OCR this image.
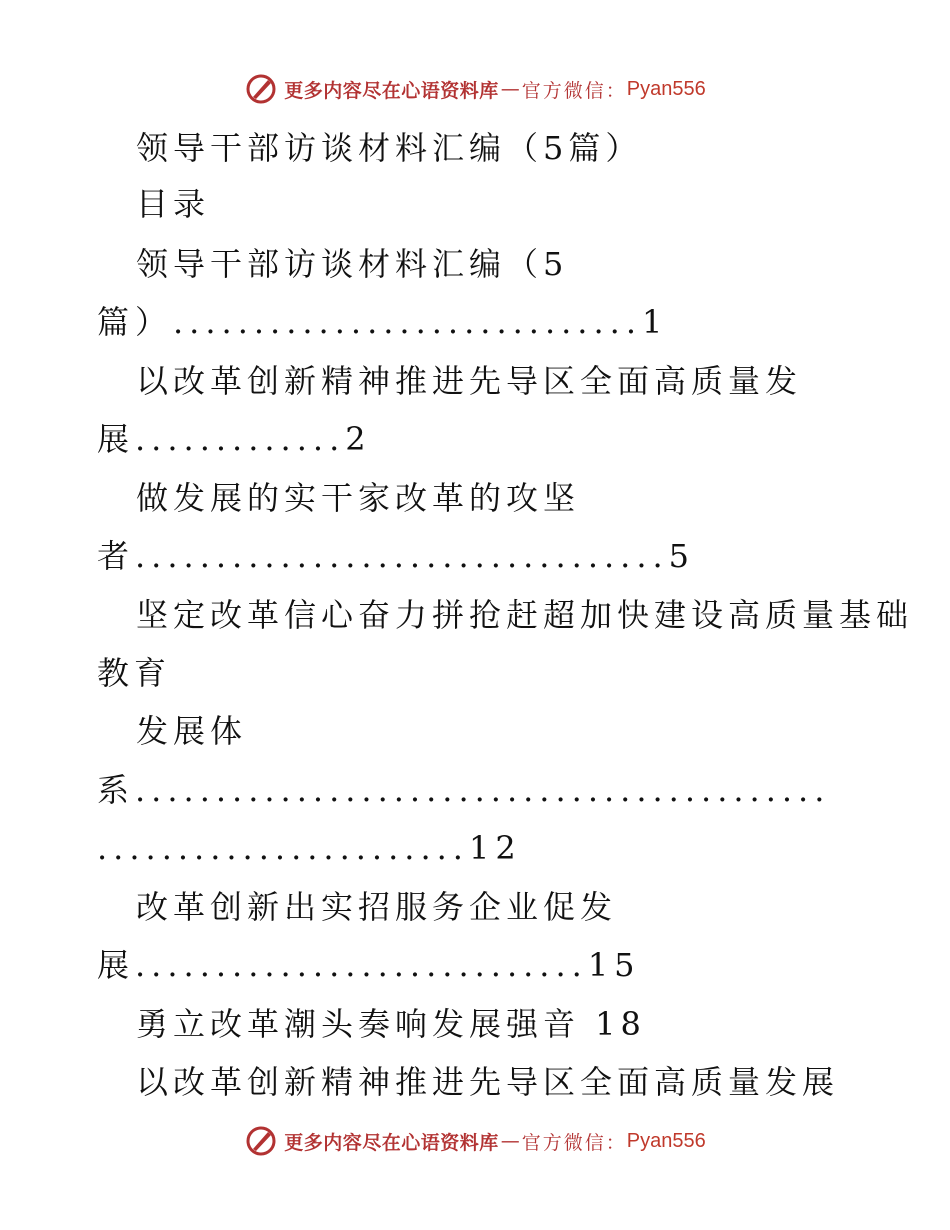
更多内容尽在心语资料库 — 官方微信： Pyan556
领导干部访谈材料汇编（5篇）
目录
领导干部访谈材料汇编（5
篇）.............................1
以改革创新精神推进先导区全面高质量发
展.............2
做发展的实干家改革的攻坚
者.................................5
坚定改革信心奋力拼抢赶超加快建设高质量基础
教育
发展体
系...........................................
.......................12
改革创新出实招服务企业促发
展............................15
勇立改革潮头奏响发展强音 18
以改革创新精神推进先导区全面高质量发展
更多内容尽在心语资料库 — 官方微信： Pyan556
